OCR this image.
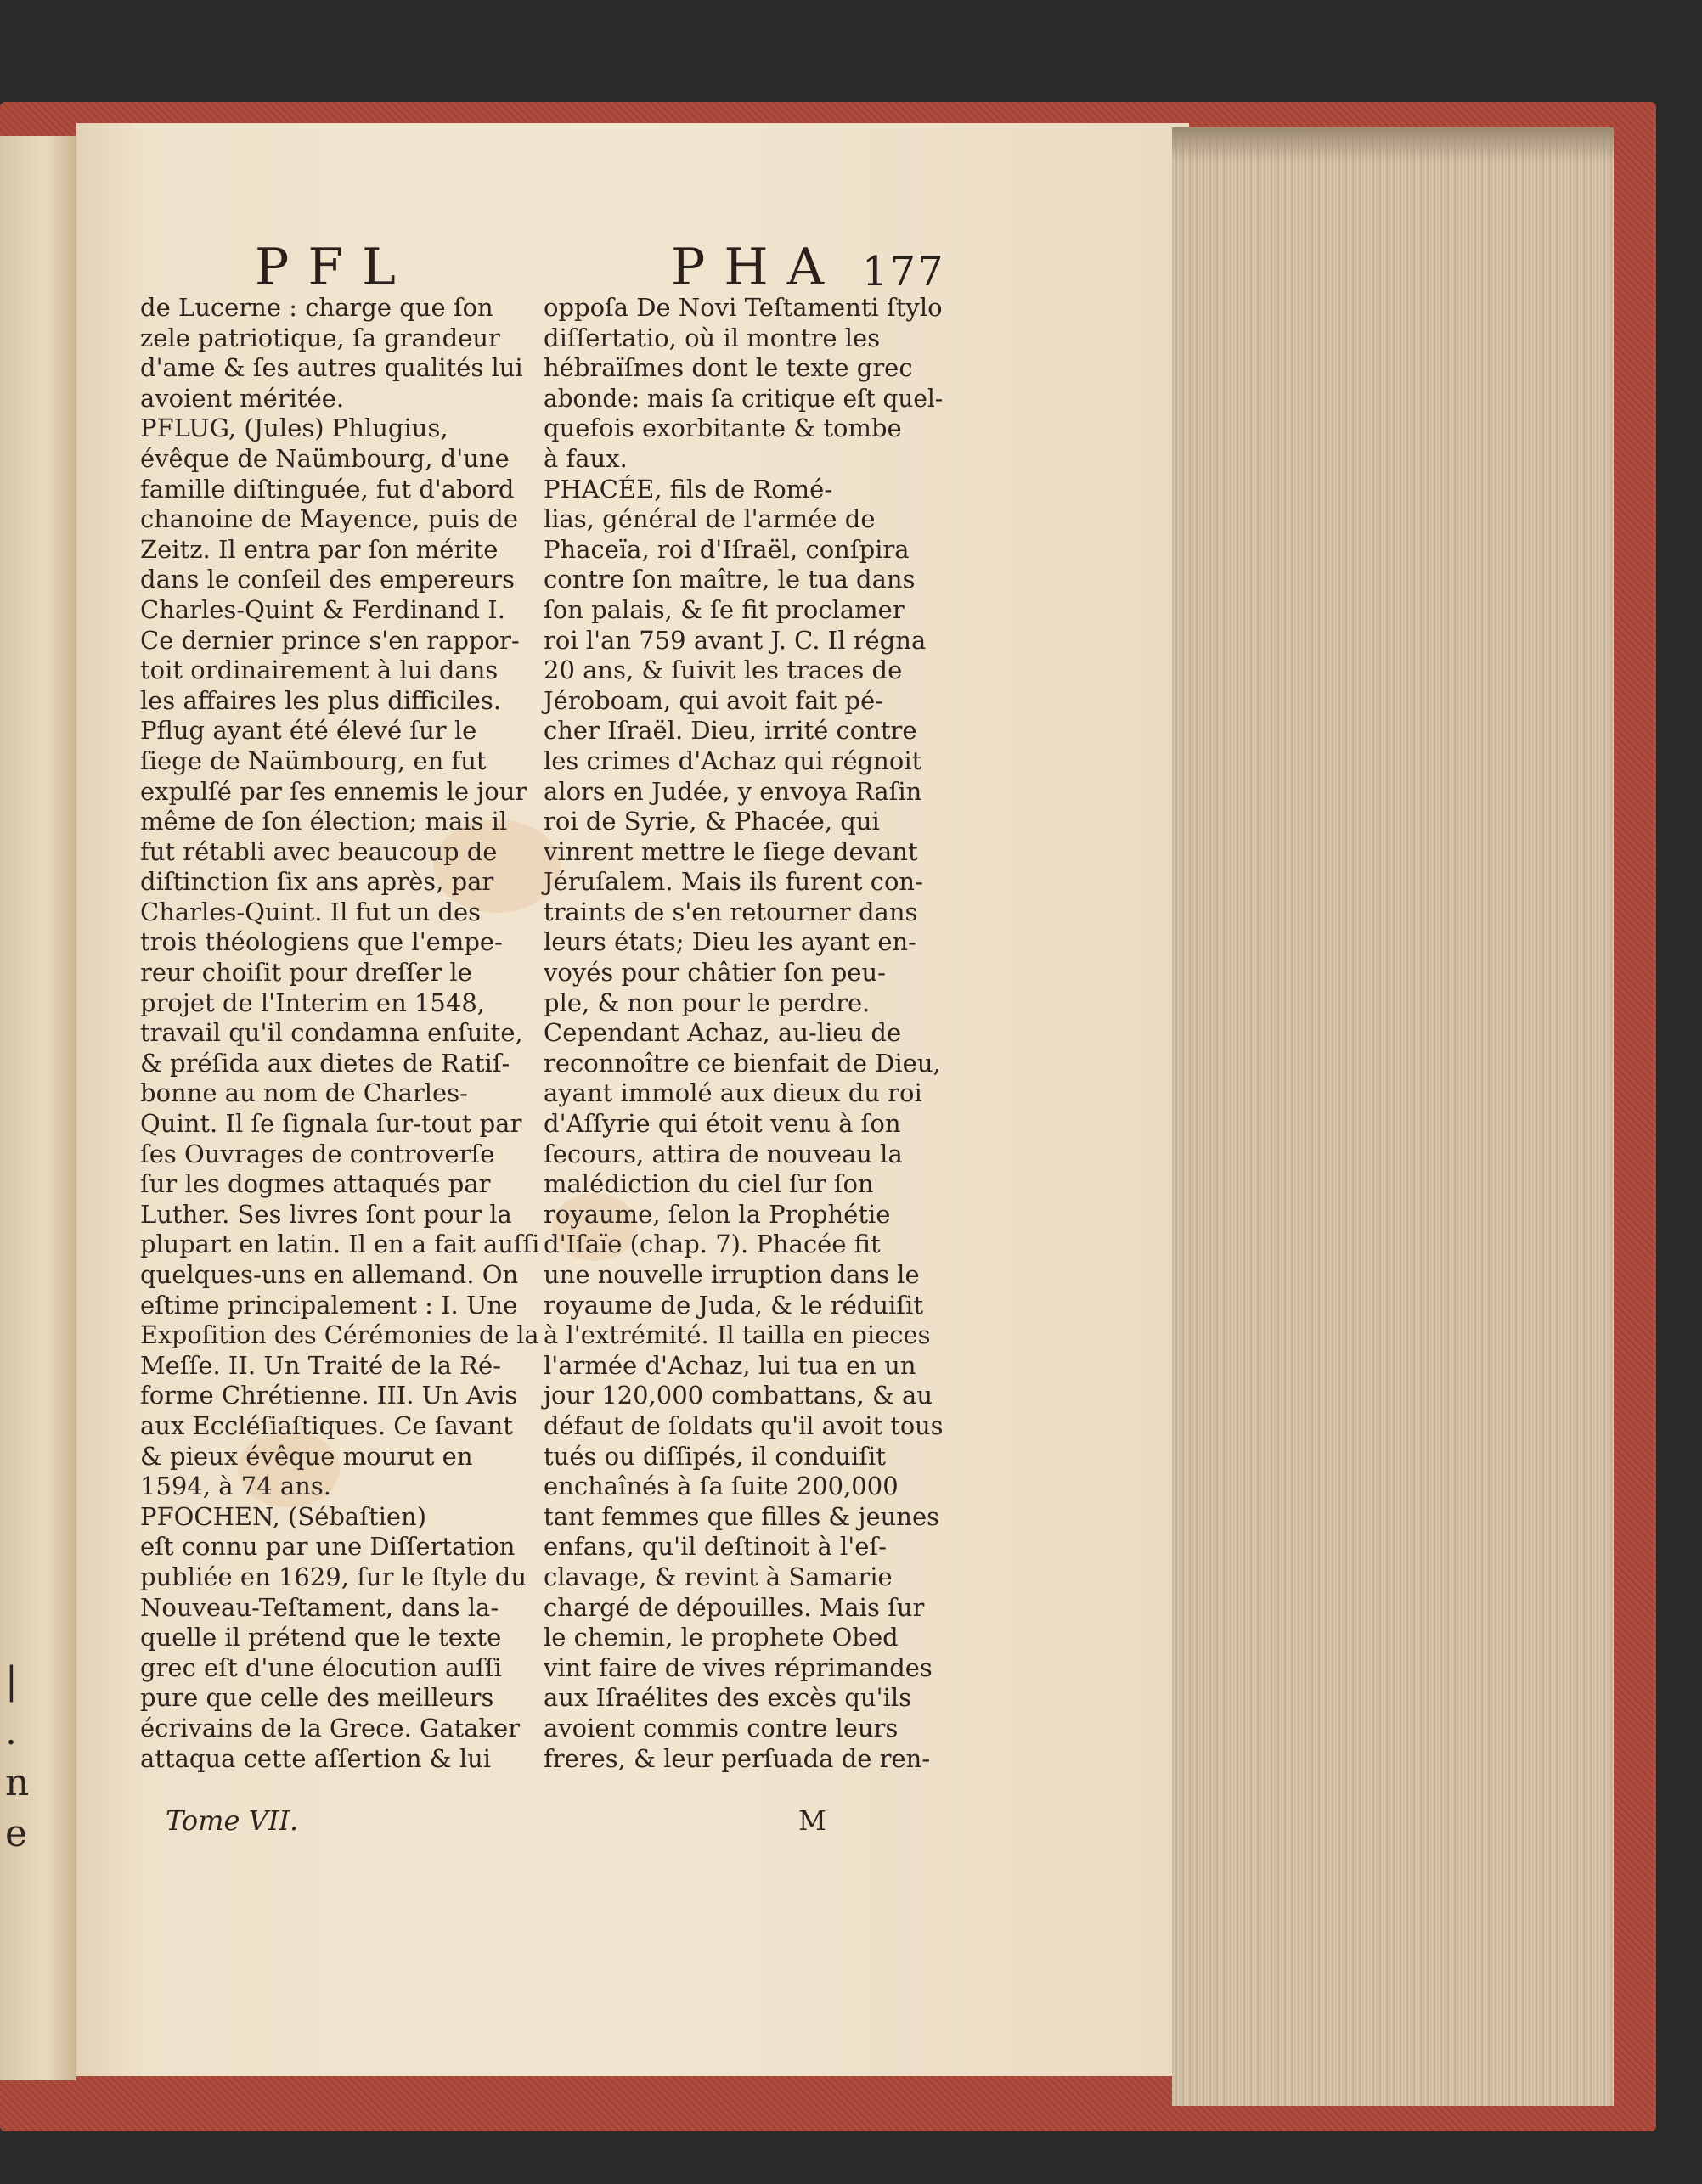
|
.
n
e
PFL	PHA 177
de Lucerne : charge que ſon
zele patriotique, ſa grandeur
d'ame & ſes autres qualités lui
avoient méritée.
PFLUG, (Jules) Phlugius,
évêque de Naümbourg, d'une
famille diſtinguée, fut d'abord
chanoine de Mayence, puis de
Zeitz. Il entra par ſon mérite
dans le conſeil des empereurs
Charles-Quint & Ferdinand I.
Ce dernier prince s'en rappor-
toit ordinairement à lui dans
les affaires les plus difficiles.
Pflug ayant été élevé ſur le
ſiege de Naümbourg, en fut
expulſé par ſes ennemis le jour
même de ſon élection; mais il
fut rétabli avec beaucoup de
diſtinction ſix ans après, par
Charles-Quint. Il fut un des
trois théologiens que l'empe-
reur choiſit pour dreſſer le
projet de l'Interim en 1548,
travail qu'il condamna enſuite,
& préſida aux dietes de Ratiſ-
bonne au nom de Charles-
Quint. Il ſe ſignala ſur-tout par
ſes Ouvrages de controverſe
ſur les dogmes attaqués par
Luther. Ses livres ſont pour la
plupart en latin. Il en a fait auſſi
quelques-uns en allemand. On
eſtime principalement : I. Une
Expoſition des Cérémonies de la
Meſſe. II. Un Traité de la Ré-
forme Chrétienne. III. Un Avis
aux Eccléſiaſtiques. Ce ſavant
& pieux évêque mourut en
1594, à 74 ans.
PFOCHEN, (Sébaſtien)
eſt connu par une Diſſertation
publiée en 1629, ſur le ſtyle du
Nouveau-Teſtament, dans la-
quelle il prétend que le texte
grec eſt d'une élocution auſſi
pure que celle des meilleurs
écrivains de la Grece. Gataker
attaqua cette aſſertion & lui
oppoſa De Novi Teſtamenti ſtylo
diſſertatio, où il montre les
hébraïſmes dont le texte grec
abonde: mais ſa critique eſt quel-
quefois exorbitante & tombe
à faux.
PHACÉE, fils de Romé-
lias, général de l'armée de
Phaceïa, roi d'Iſraël, conſpira
contre ſon maître, le tua dans
ſon palais, & ſe fit proclamer
roi l'an 759 avant J. C. Il régna
20 ans, & ſuivit les traces de
Jéroboam, qui avoit fait pé-
cher Iſraël. Dieu, irrité contre
les crimes d'Achaz qui régnoit
alors en Judée, y envoya Raſin
roi de Syrie, & Phacée, qui
vinrent mettre le ſiege devant
Jéruſalem. Mais ils furent con-
traints de s'en retourner dans
leurs états; Dieu les ayant en-
voyés pour châtier ſon peu-
ple, & non pour le perdre.
Cependant Achaz, au-lieu de
reconnoître ce bienfait de Dieu,
ayant immolé aux dieux du roi
d'Aſſyrie qui étoit venu à ſon
ſecours, attira de nouveau la
malédiction du ciel ſur ſon
royaume, ſelon la Prophétie
d'Iſaïe (chap. 7). Phacée fit
une nouvelle irruption dans le
royaume de Juda, & le réduiſit
à l'extrémité. Il tailla en pieces
l'armée d'Achaz, lui tua en un
jour 120,000 combattans, & au
défaut de ſoldats qu'il avoit tous
tués ou diſſipés, il conduiſit
enchaînés à ſa ſuite 200,000
tant femmes que filles & jeunes
enfans, qu'il deſtinoit à l'eſ-
clavage, & revint à Samarie
chargé de dépouilles. Mais ſur
le chemin, le prophete Obed
vint faire de vives réprimandes
aux Iſraélites des excès qu'ils
avoient commis contre leurs
freres, & leur perſuada de ren-
Tome VII.	M
